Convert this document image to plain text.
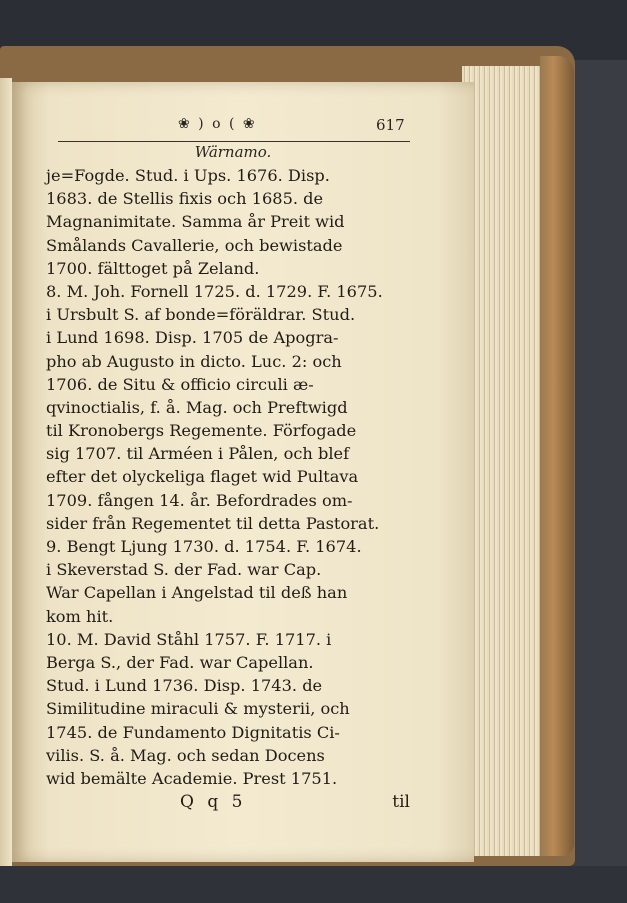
❀ ) o ( ❀	617
Wärnamo.
je=Fogde. Stud. i Ups. 1676. Disp.
1683. de Stellis fixis och 1685. de
Magnanimitate. Samma år Preit wid
Smålands Cavallerie, och bewistade
1700. fälttoget på Zeland.
8. M. Joh. Fornell 1725. d. 1729. F. 1675.
i Ursbult S. af bonde=föräldrar. Stud.
i Lund 1698. Disp. 1705 de Apogra-
pho ab Augusto in dicto. Luc. 2: och
1706. de Situ & officio circuli æ-
qvinoctialis, f. å. Mag. och Preftwigd
til Kronobergs Regemente. Förfogade
sig 1707. til Arméen i Pålen, och blef
efter det olyckeliga flaget wid Pultava
1709. fången 14. år. Befordrades om-
sider från Regementet til detta Pastorat.
9. Bengt Ljung 1730. d. 1754. F. 1674.
i Skeverstad S. der Fad. war Cap.
War Capellan i Angelstad til deß han
kom hit.
10. M. David Ståhl 1757. F. 1717. i
Berga S., der Fad. war Capellan.
Stud. i Lund 1736. Disp. 1743. de
Similitudine miraculi & mysterii, och
1745. de Fundamento Dignitatis Ci-
vilis. S. å. Mag. och sedan Docens
wid bemälte Academie. Prest 1751.
Q q 5	til
